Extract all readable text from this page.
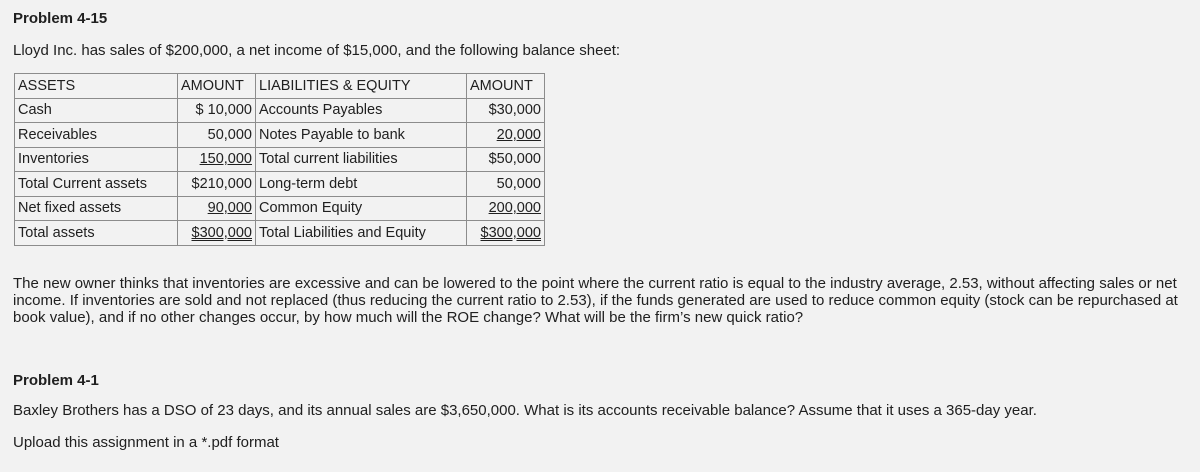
Problem 4-15

Lloyd Inc. has sales of $200,000, a net income of $15,000, and the following balance sheet:

ASSETS	AMOUNT	LIABILITIES & EQUITY	AMOUNT
Cash	$ 10,000	Accounts Payables	$30,000
Receivables	50,000	Notes Payable to bank	20,000
Inventories	150,000	Total current liabilities	$50,000
Total Current assets	$210,000	Long-term debt	50,000
Net fixed assets	90,000	Common Equity	200,000
Total assets	$300,000	Total Liabilities and Equity	$300,000

The new owner thinks that inventories are excessive and can be lowered to the point where the current ratio is equal to the industry average, 2.53, without affecting sales or net income. If inventories are sold and not replaced (thus reducing the current ratio to 2.53), if the funds generated are used to reduce common equity (stock can be repurchased at book value), and if no other changes occur, by how much will the ROE change? What will be the firm’s new quick ratio?

Problem 4-1

Baxley Brothers has a DSO of 23 days, and its annual sales are $3,650,000. What is its accounts receivable balance? Assume that it uses a 365-day year.

Upload this assignment in a *.pdf format
